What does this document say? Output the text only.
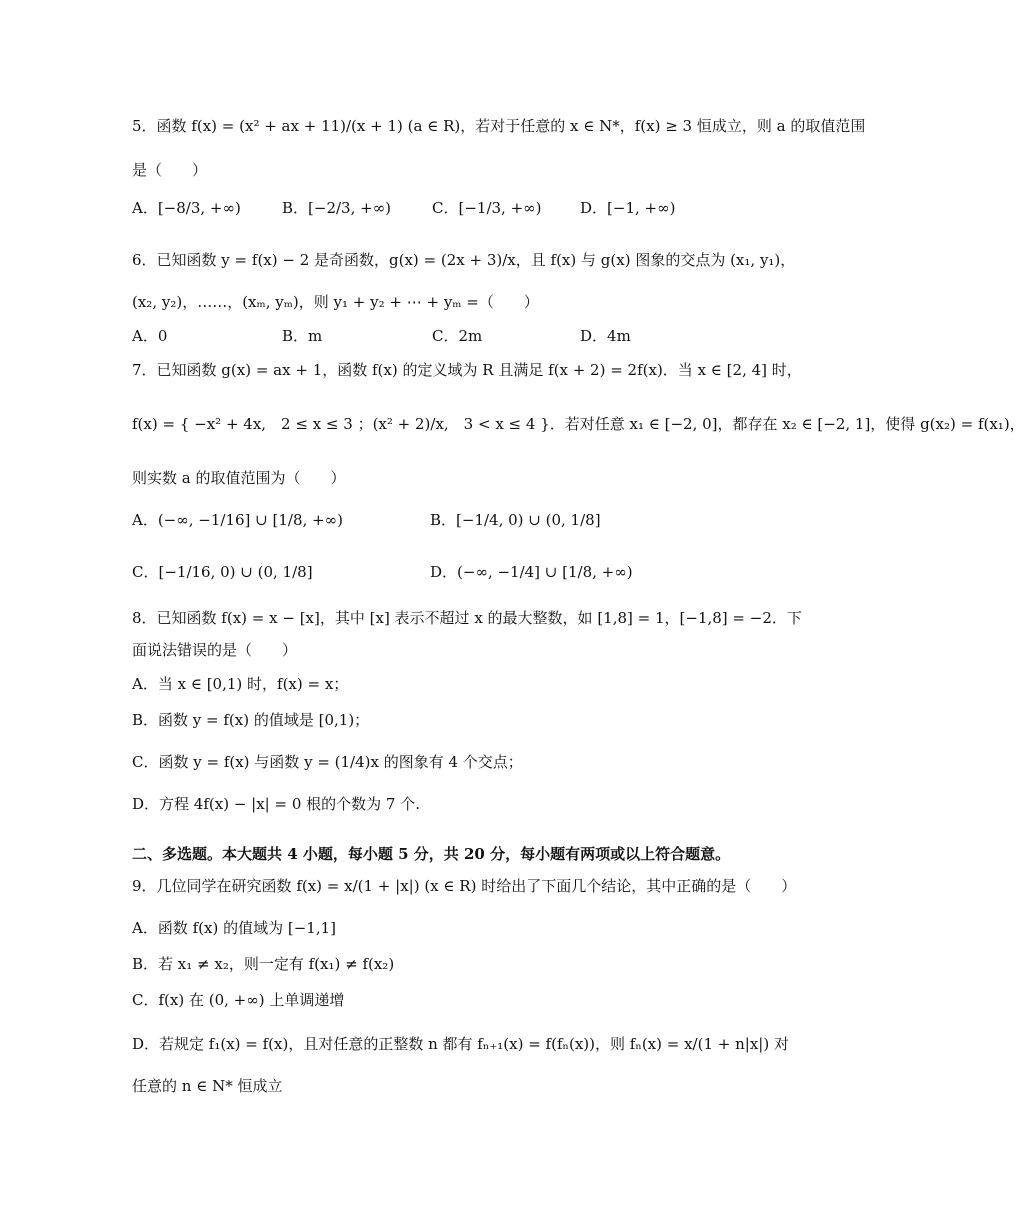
5．函数 f(x) = (x² + ax + 11)/(x + 1) (a ∈ R)，若对于任意的 x ∈ N*，f(x) ≥ 3 恒成立，则 a 的取值范围
是（　　）
A．[−8/3, +∞)	B．[−2/3, +∞)	C．[−1/3, +∞)	D．[−1, +∞)
6．已知函数 y = f(x) − 2 是奇函数，g(x) = (2x + 3)/x，且 f(x) 与 g(x) 图象的交点为 (x₁, y₁)，
(x₂, y₂)，……，(xₘ, yₘ)，则 y₁ + y₂ + ⋯ + yₘ =（　　）
A．0	B．m	C．2m	D．4m
7．已知函数 g(x) = ax + 1，函数 f(x) 的定义域为 R 且满足 f(x + 2) = 2f(x)．当 x ∈ [2, 4] 时，
f(x) = { −x² + 4x,　2 ≤ x ≤ 3 ；(x² + 2)/x,　3 < x ≤ 4 }．若对任意 x₁ ∈ [−2, 0]，都存在 x₂ ∈ [−2, 1]，使得 g(x₂) = f(x₁)，
则实数 a 的取值范围为（　　）
A．(−∞, −1/16] ∪ [1/8, +∞)	B．[−1/4, 0) ∪ (0, 1/8]
C．[−1/16, 0) ∪ (0, 1/8]	D．(−∞, −1/4] ∪ [1/8, +∞)
8．已知函数 f(x) = x − [x]，其中 [x] 表示不超过 x 的最大整数，如 [1,8] = 1，[−1,8] = −2．下
面说法错误的是（　　）
A．当 x ∈ [0,1) 时，f(x) = x；
B．函数 y = f(x) 的值域是 [0,1)；
C．函数 y = f(x) 与函数 y = (1/4)x 的图象有 4 个交点；
D．方程 4f(x) − |x| = 0 根的个数为 7 个.
二、多选题。本大题共 4 小题，每小题 5 分，共 20 分，每小题有两项或以上符合题意。
9．几位同学在研究函数 f(x) = x/(1 + |x|) (x ∈ R) 时给出了下面几个结论，其中正确的是（　　）
A．函数 f(x) 的值域为 [−1,1]
B．若 x₁ ≠ x₂，则一定有 f(x₁) ≠ f(x₂)
C．f(x) 在 (0, +∞) 上单调递增
D．若规定 f₁(x) = f(x)，且对任意的正整数 n 都有 fₙ₊₁(x) = f(fₙ(x))，则 fₙ(x) = x/(1 + n|x|) 对
任意的 n ∈ N* 恒成立
